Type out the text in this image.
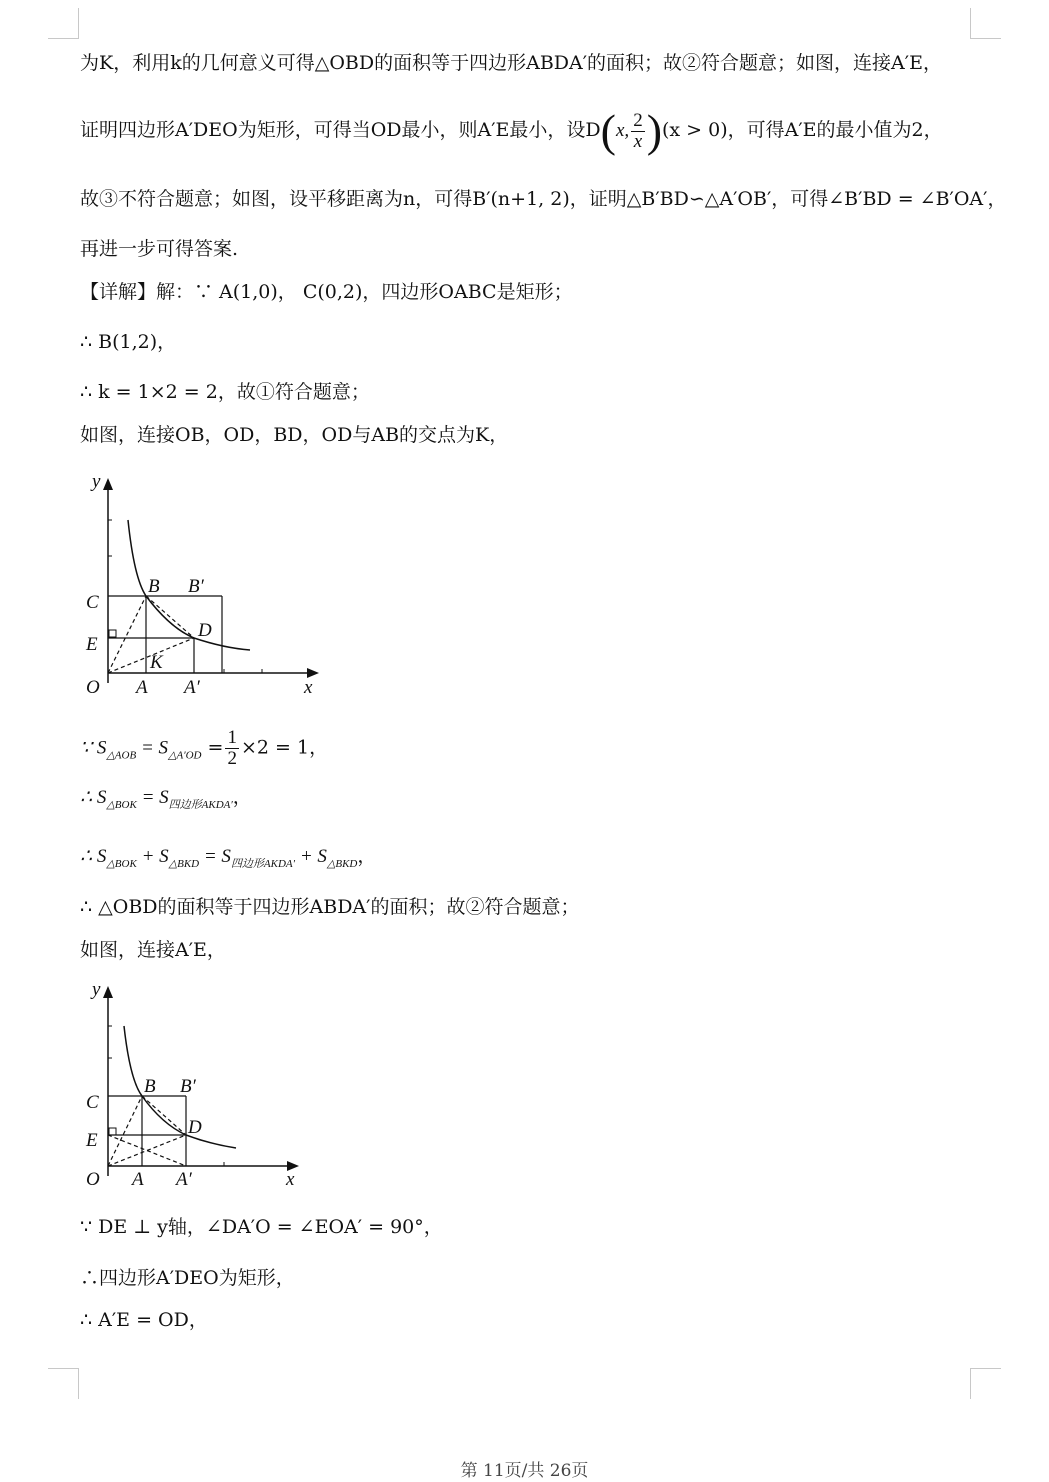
为K，利用k的几何意义可得△OBD的面积等于四边形ABDA′的面积；故②符合题意；如图，连接A′E，
证明四边形A′DEO为矩形，可得当OD最小，则A′E最小，设D(x, $\frac{2}{x} )(x > 0)$，可得A′E的最小值为2，
故③不符合题意；如图，设平移距离为n，可得B′(n+1, 2)，证明△B′BD∽△A′OB′，可得∠B′BD = ∠B′OA′，
再进一步可得答案.
【详解】解：∵ A(1,0)， C(0,2)，四边形OABC是矩形；
∴ B(1,2)，
∴ k = 1×2 = 2，故①符合题意；
如图，连接OB，OD，BD，OD与AB的交点为K，
y
x
O A A′
C
E
B B′
D
K
∵ $S_{\triangle AOB} = S_{\triangle A'OD} = \frac{1}{2} \times 2 = 1$，
∴ $S_{\triangle BOK} = S_{四边形AKDA'}$，
∴ $S_{\triangle BOK} + S_{\triangle BKD} = S_{四边形AKDA'} + S_{\triangle BKD}$，
∴ △OBD的面积等于四边形ABDA′的面积；故②符合题意；
如图，连接A′E，
y
x
O A A′
C
E
B B′
D
∵ DE ⊥ y轴，∠DA′O = ∠EOA′ = 90°，
∴四边形A′DEO为矩形，
∴ A′E = OD，
第 11页/共 26页
